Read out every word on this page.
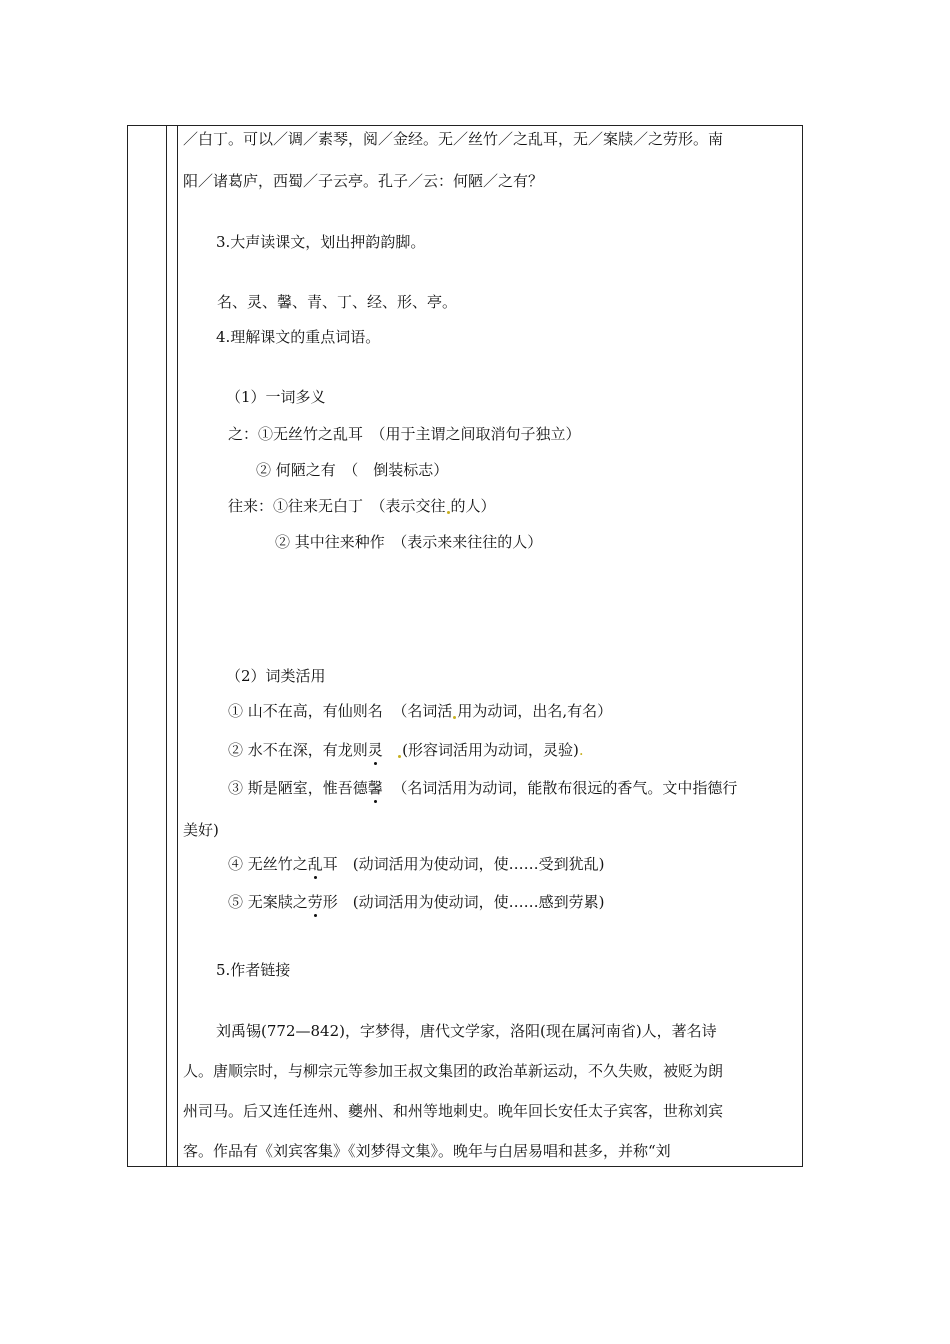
／白丁。可以／调／素琴，阅／金经。无／丝竹／之乱耳，无／案牍／之劳形。南
阳／诸葛庐，西蜀／子云亭。孔子／云：何陋／之有？
3.大声读课文，划出押韵韵脚。
名、灵、馨、青、丁、经、形、亭。
4.理解课文的重点词语。
（1）一词多义
之：①无丝竹之乱耳　（用于主谓之间取消句子独立）
② 何陋之有　（　倒装标志）
往来：①往来无白丁　（表示交往 的人）
② 其中往来种作　（表示来来往往的人）
（2）词类活用
① 山不在高，有仙则名 （名词活 用为动词，出名,有名）
② 水不在深，有龙则灵 (形容词活用为动词，灵验).
③ 斯是陋室，惟吾德馨 （名词活用为动词，能散布很远的香气。文中指德行
美好)
④ 无丝竹之乱耳　(动词活用为使动词，使……受到犹乱)
⑤ 无案牍之劳形　(动词活用为使动词，使……感到劳累)
5.作者链接
刘禹锡(772—842)，字梦得，唐代文学家，洛阳(现在属河南省)人，著名诗
人。唐顺宗时，与柳宗元等参加王叔文集团的政治革新运动，不久失败，被贬为朗
州司马。后又连任连州、夔州、和州等地刺史。晚年回长安任太子宾客，世称刘宾
客。作品有《刘宾客集》《刘梦得文集》。晚年与白居易唱和甚多，并称“刘
